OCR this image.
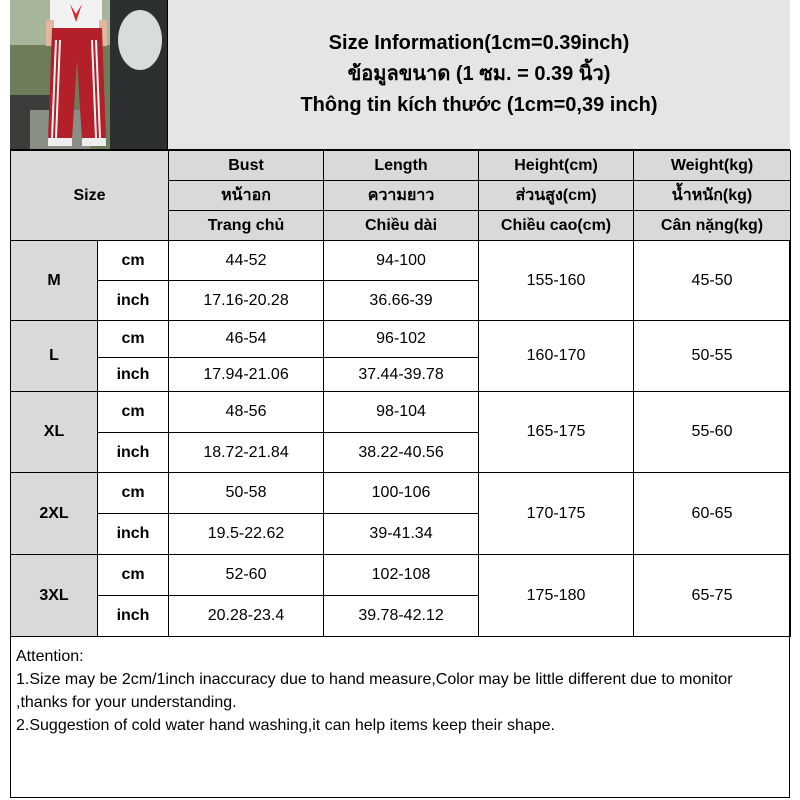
Size Information(1cm=0.39inch)
ข้อมูลขนาด (1 ซม. = 0.39 นิ้ว)
Thông tin kích thước (1cm=0,39 inch)
Size		Bust	Length	Height(cm)	Weight(kg)
		หน้าอก	ความยาว	ส่วนสูง(cm)	น้ำหนัก(kg)
		Trang chủ	Chiều dài	Chiều cao(cm)	Cân nặng(kg)
M	cm	44-52	94-100	155-160	45-50
	inch	17.16-20.28	36.66-39		
L	cm	46-54	96-102	160-170	50-55
	inch	17.94-21.06	37.44-39.78		
XL	cm	48-56	98-104	165-175	55-60
	inch	18.72-21.84	38.22-40.56		
2XL	cm	50-58	100-106	170-175	60-65
	inch	19.5-22.62	39-41.34		
3XL	cm	52-60	102-108	175-180	65-75
	inch	20.28-23.4	39.78-42.12		
Attention:
1.Size may be 2cm/1inch inaccuracy due to hand measure,Color may be little different due to monitor ,thanks for your understanding.
2.Suggestion of cold water hand washing,it can help items keep their shape.
